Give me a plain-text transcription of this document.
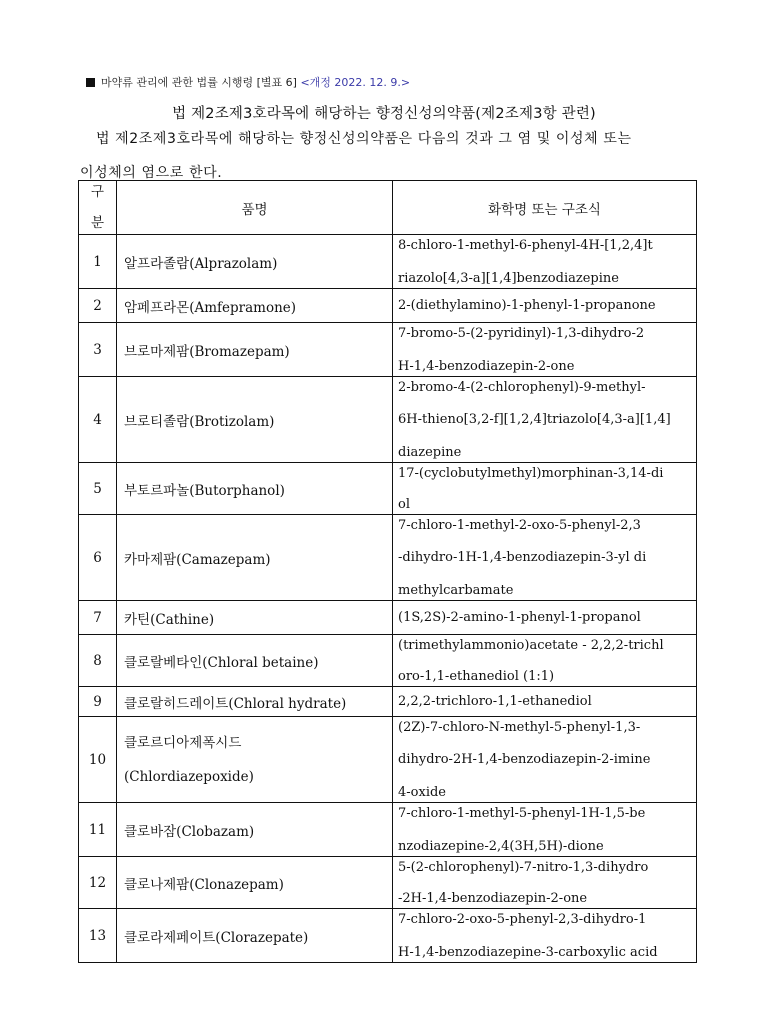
마약류 관리에 관한 법률 시행령 [별표 6] <개정 2022. 12. 9.>
법 제2조제3호라목에 해당하는 향정신성의약품(제2조제3항 관련)
법 제2조제3호라목에 해당하는 향정신성의약품은 다음의 것과 그 염 및 이성체 또는
이성체의 염으로 한다.
구
분	품명	화학명 또는 구조식
1	알프라졸람(Alprazolam)	8-chloro-1-methyl-6-phenyl-4H-[1,2,4]t
riazolo[4,3-a][1,4]benzodiazepine

2	암페프라몬(Amfepramone)	2-(diethylamino)-1-phenyl-1-propanone

3	브로마제팜(Bromazepam)	7-bromo-5-(2-pyridinyl)-1,3-dihydro-2
H-1,4-benzodiazepin-2-one

4	브로티졸람(Brotizolam)	2-bromo-4-(2-chlorophenyl)-9-methyl-
6H-thieno[3,2-f][1,2,4]triazolo[4,3-a][1,4]
diazepine

5	부토르파놀(Butorphanol)	17-(cyclobutylmethyl)morphinan-3,14-di
ol

6	카마제팜(Camazepam)	7-chloro-1-methyl-2-oxo-5-phenyl-2,3
-dihydro-1H-1,4-benzodiazepin-3-yl di
methylcarbamate

7	카틴(Cathine)	(1S,2S)-2-amino-1-phenyl-1-propanol

8	클로랄베타인(Chloral betaine)	(trimethylammonio)acetate - 2,2,2-trichl
oro-1,1-ethanediol (1:1)

9	클로랄히드레이트(Chloral hydrate)	2,2,2-trichloro-1,1-ethanediol

10	클로르디아제폭시드
(Chlordiazepoxide)	(2Z)-7-chloro-N-methyl-5-phenyl-1,3-
dihydro-2H-1,4-benzodiazepin-2-imine
4-oxide

11	클로바잠(Clobazam)	7-chloro-1-methyl-5-phenyl-1H-1,5-be
nzodiazepine-2,4(3H,5H)-dione

12	클로나제팜(Clonazepam)	5-(2-chlorophenyl)-7-nitro-1,3-dihydro
-2H-1,4-benzodiazepin-2-one

13	클로라제페이트(Clorazepate)	7-chloro-2-oxo-5-phenyl-2,3-dihydro-1
H-1,4-benzodiazepine-3-carboxylic acid
